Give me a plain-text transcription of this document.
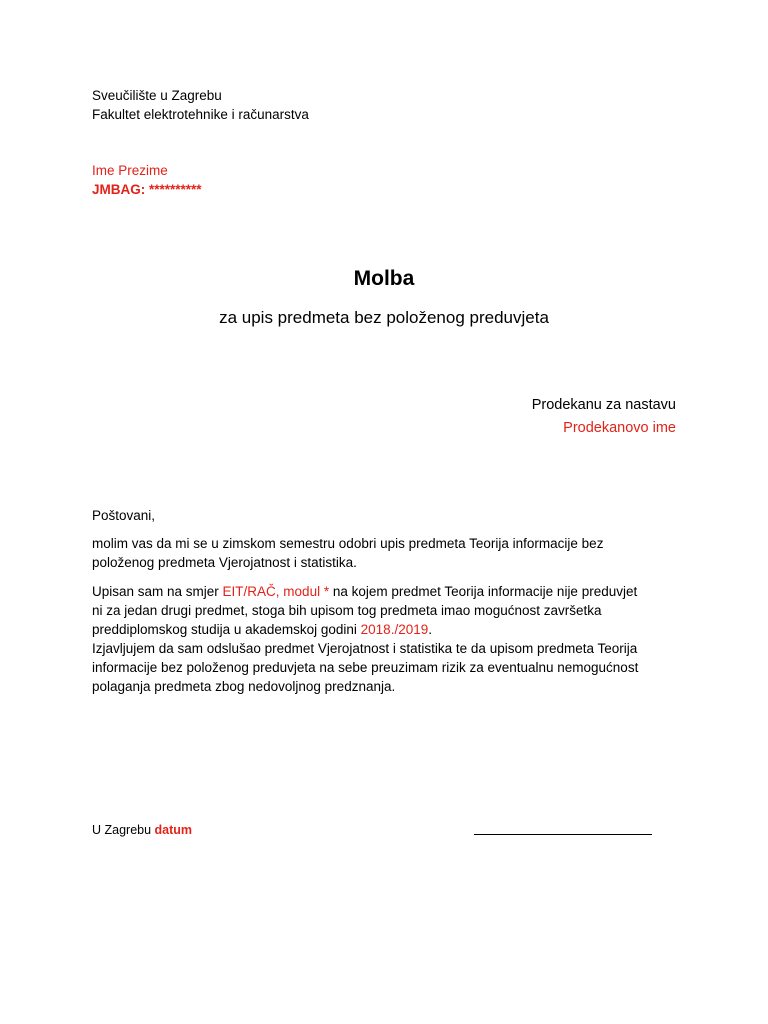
Sveučilište u Zagrebu
Fakultet elektrotehnike i računarstva
Ime Prezime
JMBAG: **********
Molba
za upis predmeta bez položenog preduvjeta
Prodekanu za nastavu
Prodekanovo ime
Poštovani,
molim vas da mi se u zimskom semestru odobri upis predmeta Teorija informacije bez
položenog predmeta Vjerojatnost i statistika.
Upisan sam na smjer EIT/RAČ, modul * na kojem predmet Teorija informacije nije preduvjet
ni za jedan drugi predmet, stoga bih upisom tog predmeta imao mogućnost završetka
preddiplomskog studija u akademskoj godini 2018./2019.
Izjavljujem da sam odslušao predmet Vjerojatnost i statistika te da upisom predmeta Teorija
informacije bez položenog preduvjeta na sebe preuzimam rizik za eventualnu nemogućnost
polaganja predmeta zbog nedovoljnog predznanja.
U Zagrebu datum
